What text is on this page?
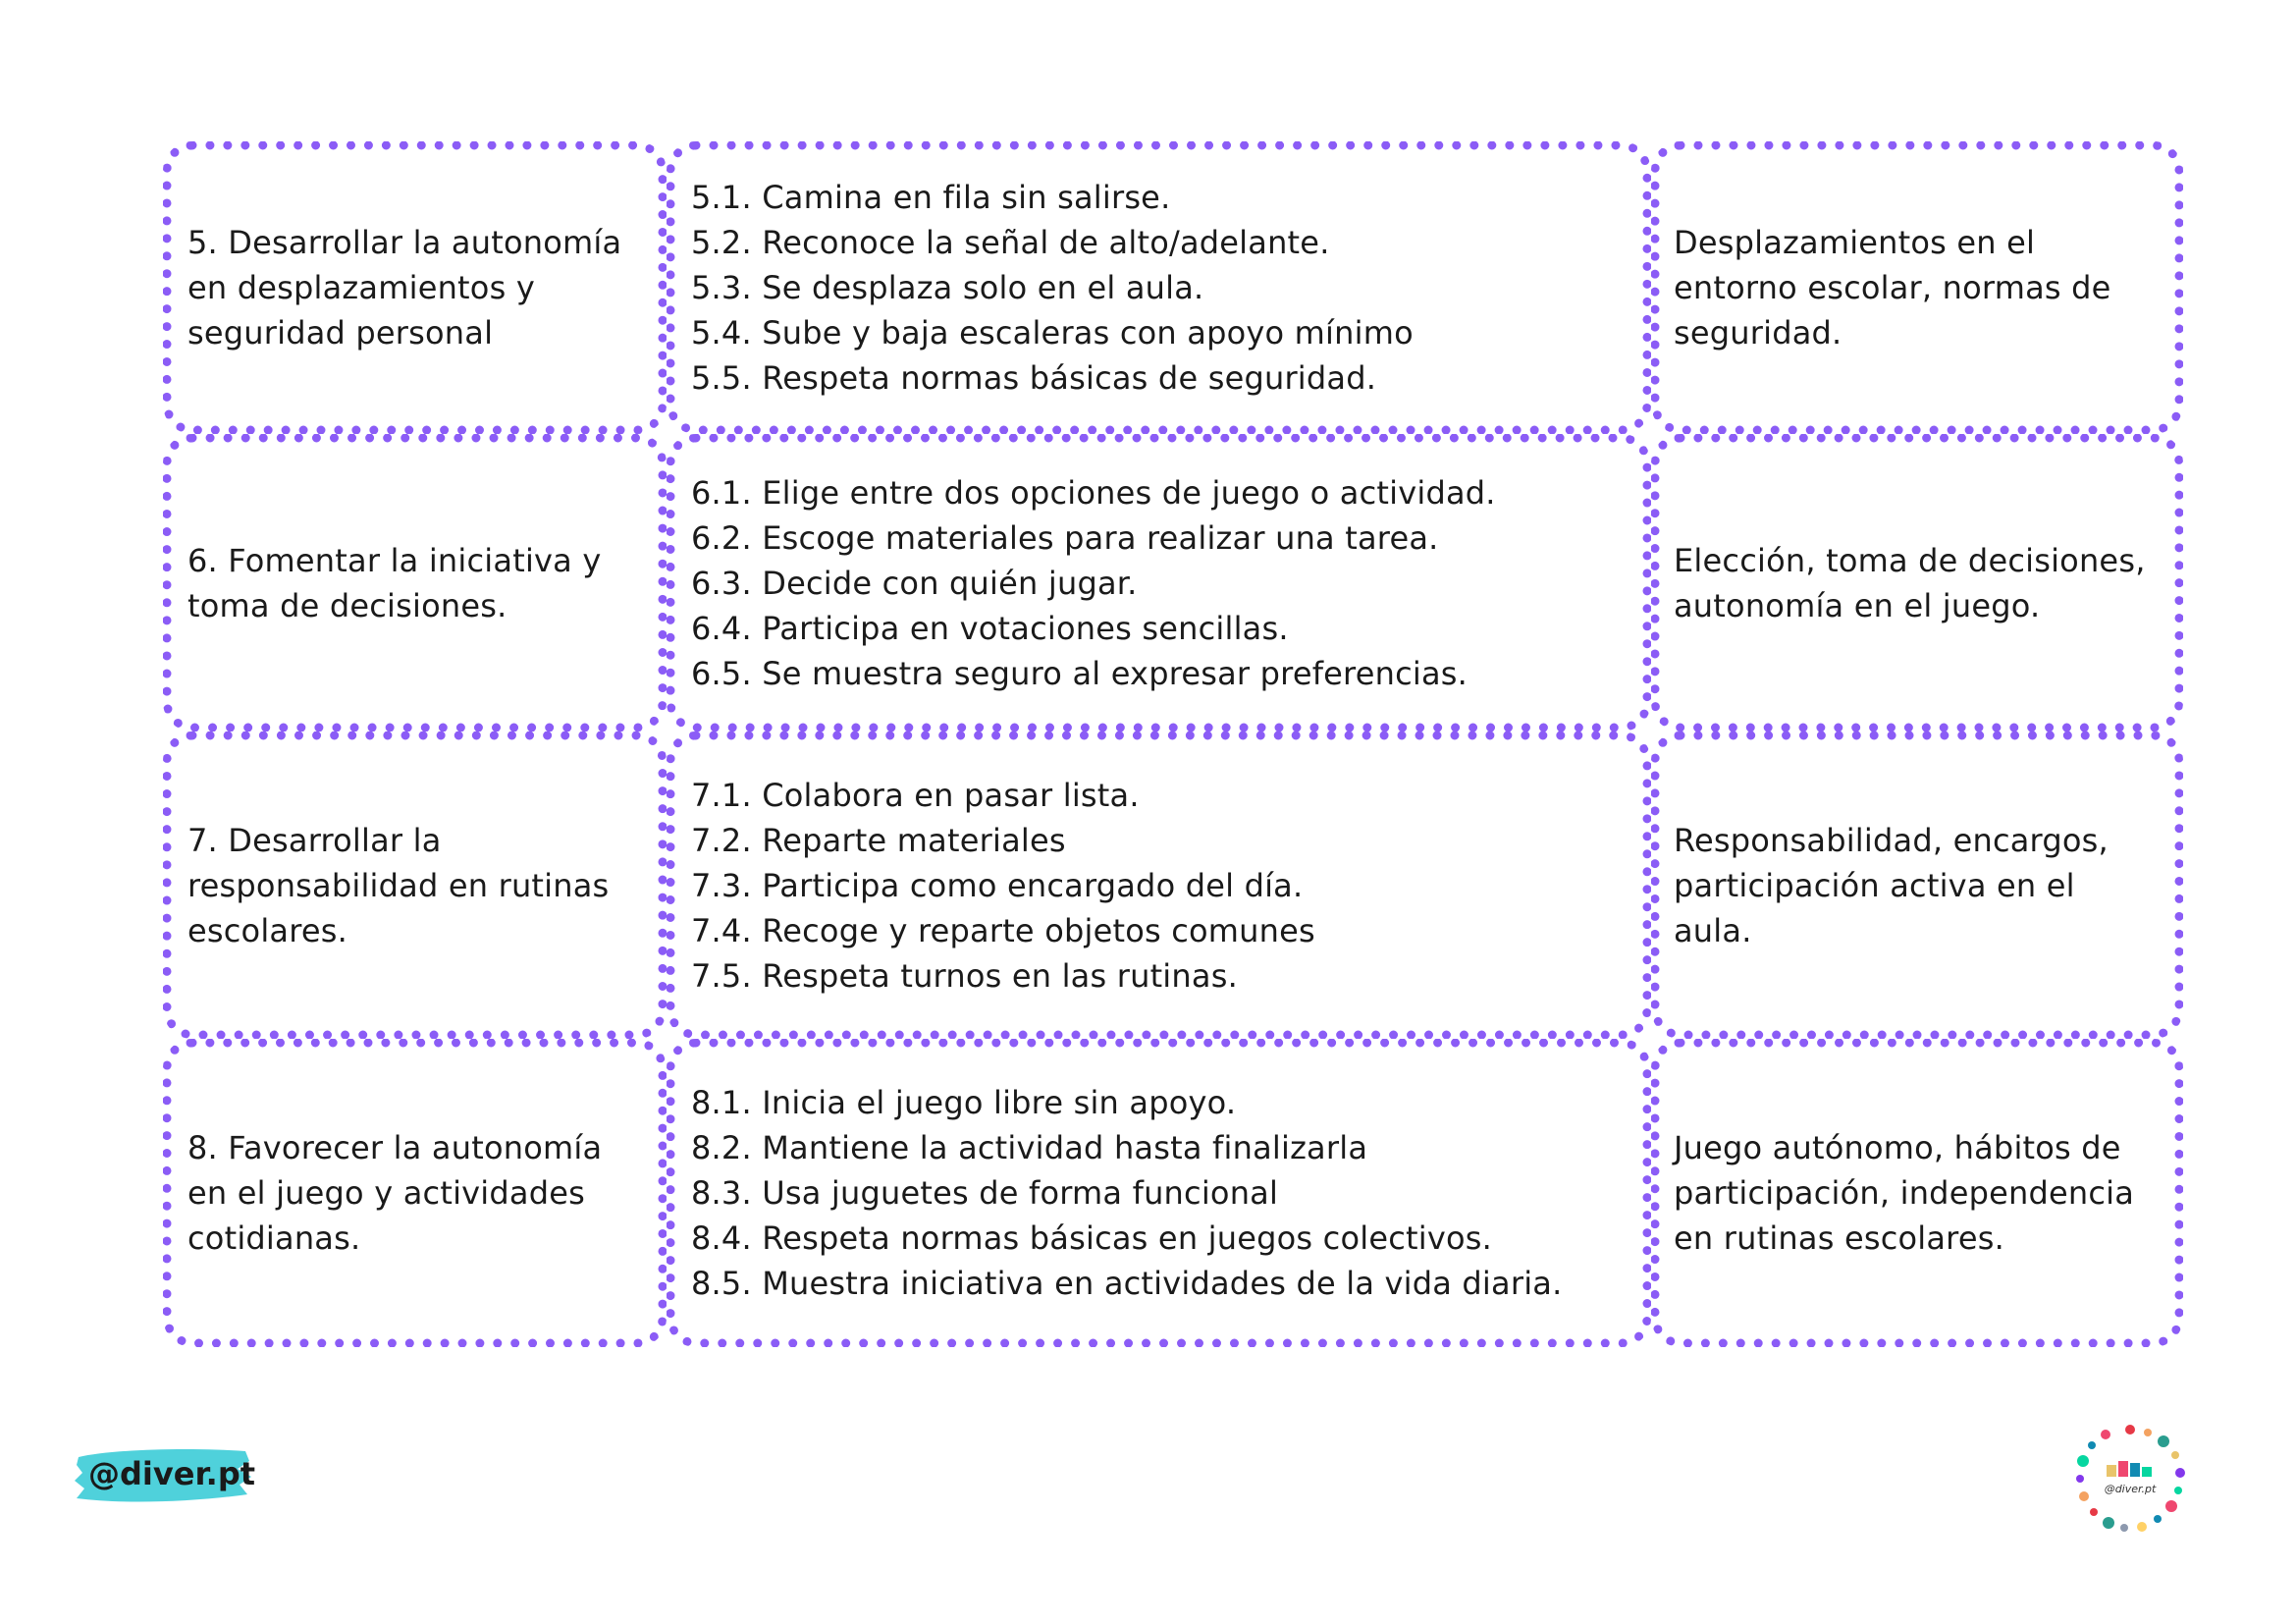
5. Desarrollar la autonomía
en desplazamientos y
seguridad personal
5.1. Camina en fila sin salirse.
5.2. Reconoce la señal de alto/adelante.
5.3. Se desplaza solo en el aula.
5.4. Sube y baja escaleras con apoyo mínimo
5.5. Respeta normas básicas de seguridad.
Desplazamientos en el
entorno escolar, normas de
seguridad.
6. Fomentar la iniciativa y
toma de decisiones.
6.1. Elige entre dos opciones de juego o actividad.
6.2. Escoge materiales para realizar una tarea.
6.3. Decide con quién jugar.
6.4. Participa en votaciones sencillas.
6.5. Se muestra seguro al expresar preferencias.
Elección, toma de decisiones,
autonomía en el juego.
7. Desarrollar la
responsabilidad en rutinas
escolares.
7.1. Colabora en pasar lista.
7.2. Reparte materiales
7.3. Participa como encargado del día.
7.4. Recoge y reparte objetos comunes
7.5. Respeta turnos en las rutinas.
Responsabilidad, encargos,
participación activa en el
aula.
8. Favorecer la autonomía
en el juego y actividades
cotidianas.
8.1. Inicia el juego libre sin apoyo.
8.2. Mantiene la actividad hasta finalizarla
8.3. Usa juguetes de forma funcional
8.4. Respeta normas básicas en juegos colectivos.
8.5. Muestra iniciativa en actividades de la vida diaria.
Juego autónomo, hábitos de
participación, independencia
en rutinas escolares.
@diver.pt	@diver.pt
